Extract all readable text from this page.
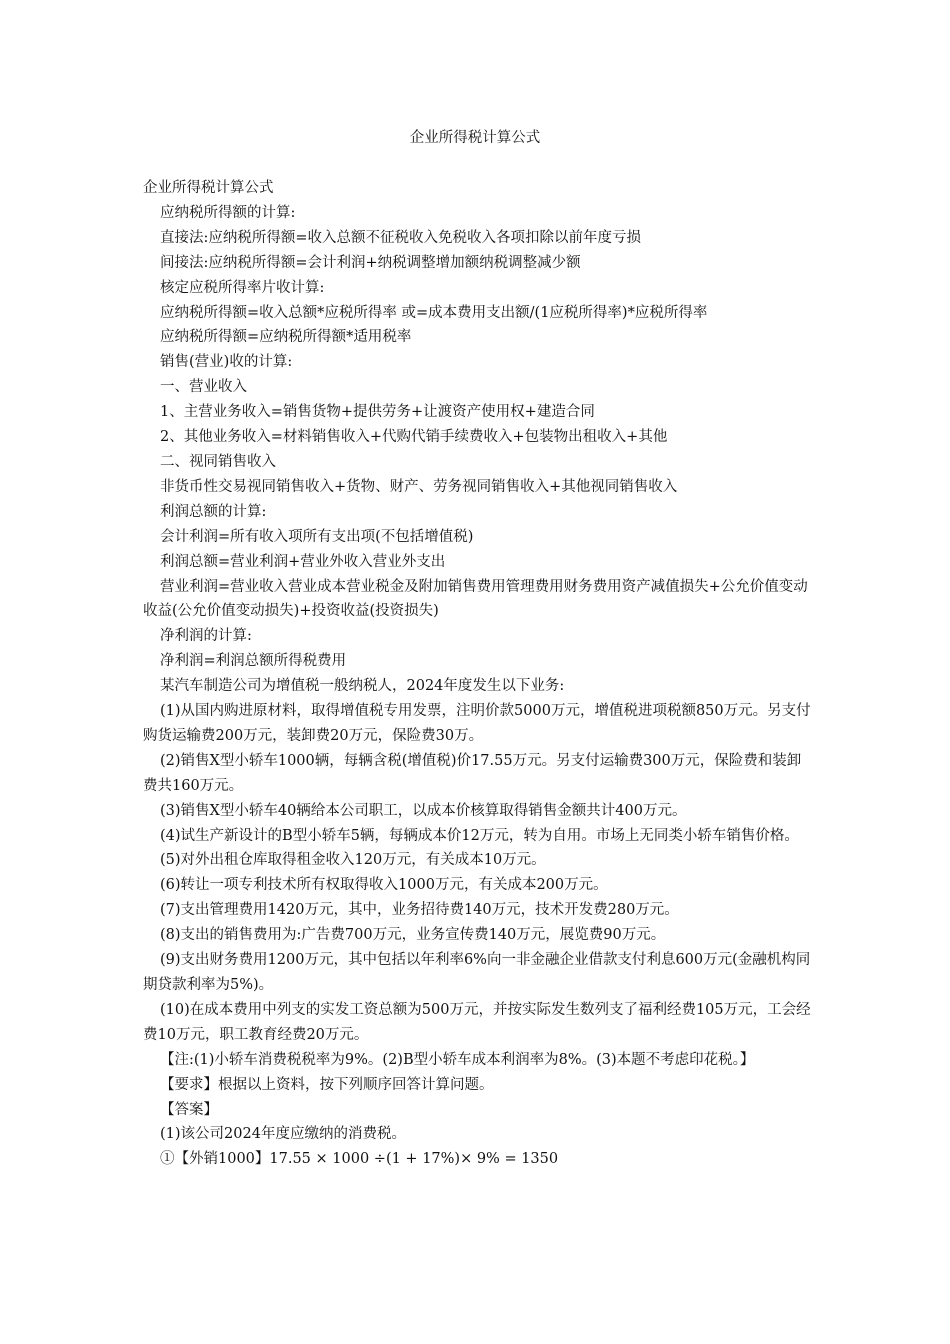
企业所得税计算公式

企业所得税计算公式

应纳税所得额的计算:

直接法:应纳税所得额=收入总额不征税收入免税收入各项扣除以前年度亏损

间接法:应纳税所得额=会计利润+纳税调整增加额纳税调整减少额

核定应税所得率片收计算:

应纳税所得额=收入总额*应税所得率 或=成本费用支出额/(1应税所得率)*应税所得率

应纳税所得额=应纳税所得额*适用税率

销售(营业)收的计算:

一、营业收入

1、主营业务收入=销售货物+提供劳务+让渡资产使用权+建造合同

2、其他业务收入=材料销售收入+代购代销手续费收入+包装物出租收入+其他

二、视同销售收入

非货币性交易视同销售收入+货物、财产、劳务视同销售收入+其他视同销售收入

利润总额的计算:

会计利润=所有收入项所有支出项(不包括增值税)

利润总额=营业利润+营业外收入营业外支出

营业利润=营业收入营业成本营业税金及附加销售费用管理费用财务费用资产减值损失+公允价值变动收益(公允价值变动损失)+投资收益(投资损失)

净利润的计算:

净利润=利润总额所得税费用

某汽车制造公司为增值税一般纳税人，2024年度发生以下业务:

(1)从国内购进原材料，取得增值税专用发票，注明价款5000万元，增值税进项税额850万元。另支付购货运输费200万元，装卸费20万元，保险费30万。

(2)销售X型小轿车1000辆，每辆含税(增值税)价17.55万元。另支付运输费300万元，保险费和装卸费共160万元。

(3)销售X型小轿车40辆给本公司职工，以成本价核算取得销售金额共计400万元。

(4)试生产新设计的B型小轿车5辆，每辆成本价12万元，转为自用。市场上无同类小轿车销售价格。

(5)对外出租仓库取得租金收入120万元，有关成本10万元。

(6)转让一项专利技术所有权取得收入1000万元，有关成本200万元。

(7)支出管理费用1420万元，其中，业务招待费140万元，技术开发费280万元。

(8)支出的销售费用为:广告费700万元，业务宣传费140万元，展览费90万元。

(9)支出财务费用1200万元，其中包括以年利率6%向一非金融企业借款支付利息600万元(金融机构同期贷款利率为5%)。

(10)在成本费用中列支的实发工资总额为500万元，并按实际发生数列支了福利经费105万元，工会经费10万元，职工教育经费20万元。

【注:(1)小轿车消费税税率为9%。(2)B型小轿车成本利润率为8%。(3)本题不考虑印花税。】

【要求】根据以上资料，按下列顺序回答计算问题。

【答案】

(1)该公司2024年度应缴纳的消费税。

①【外销1000】17.55 × 1000 ÷(1 + 17%)× 9% = 1350
